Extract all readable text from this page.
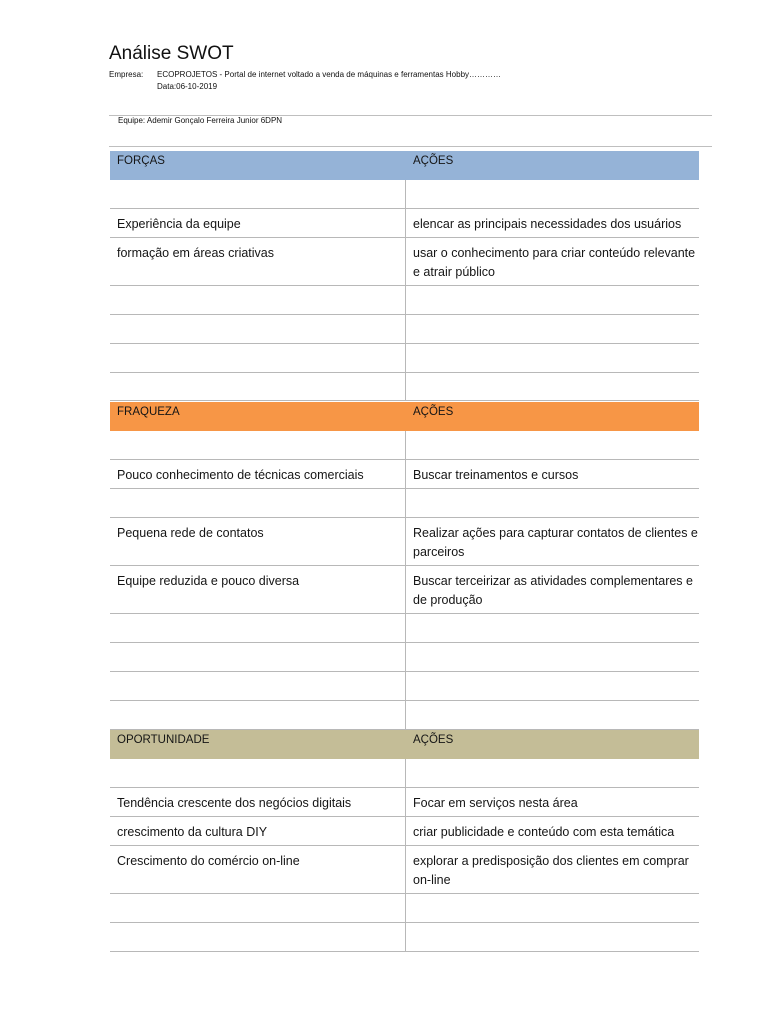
Análise SWOT
Empresa: ECOPROJETOS - Portal de internet voltado a venda de máquinas e ferramentas Hobby…………
Data:06-10-2019
Equipe: Ademir Gonçalo Ferreira Junior 6DPN
FORÇAS	AÇÕES
Experiência da equipe	elencar as principais necessidades dos usuários
formação em áreas criativas	usar o conhecimento para criar conteúdo relevante e atrair público
FRAQUEZA	AÇÕES
Pouco conhecimento de técnicas comerciais	Buscar treinamentos e cursos
Pequena rede de contatos	Realizar ações para capturar contatos de clientes e parceiros
Equipe reduzida e pouco diversa	Buscar terceirizar as atividades complementares e de produção
OPORTUNIDADE	AÇÕES
Tendência crescente dos negócios digitais	Focar em serviços nesta área
crescimento da cultura DIY	criar publicidade e conteúdo com esta temática
Crescimento do comércio on-line	explorar a predisposição dos clientes em comprar on-line
